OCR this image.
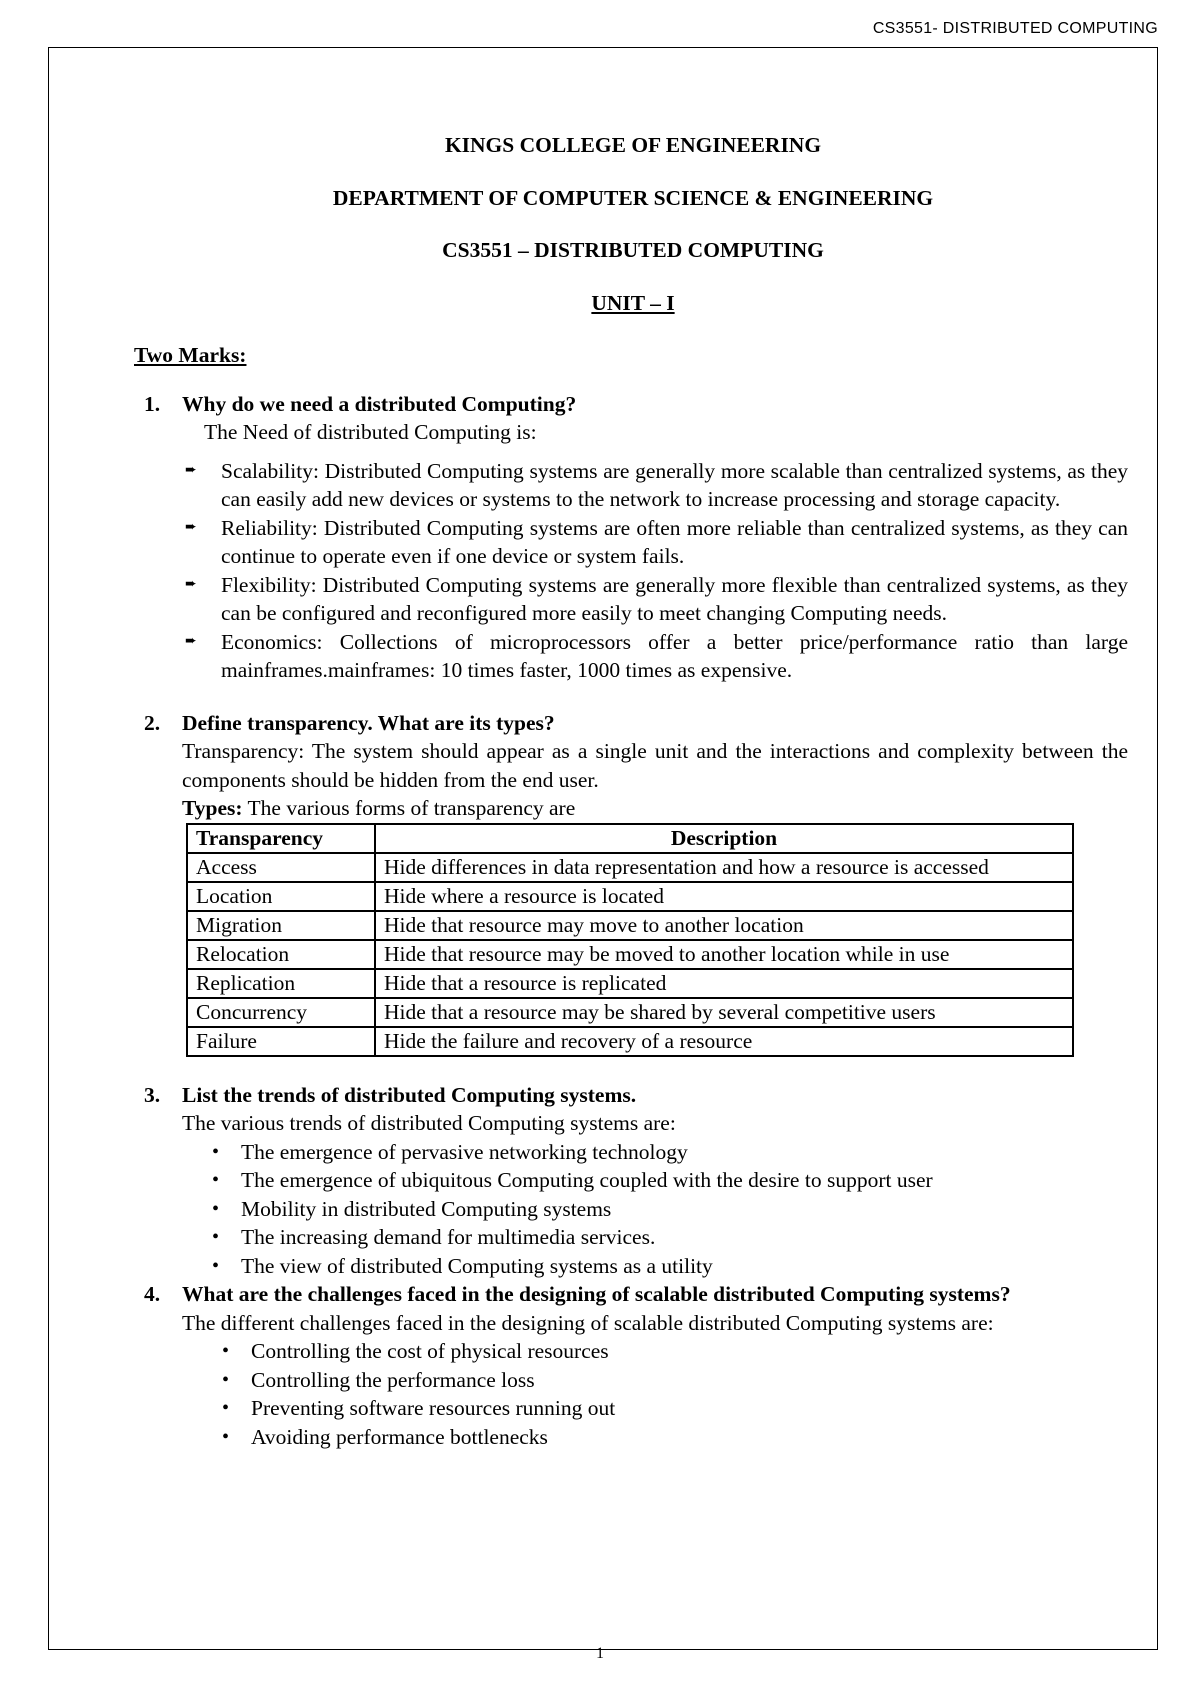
CS3551- DISTRIBUTED COMPUTING
KINGS COLLEGE OF ENGINEERING
DEPARTMENT OF COMPUTER SCIENCE & ENGINEERING
CS3551 – DISTRIBUTED COMPUTING
UNIT – I
Two Marks:
1. Why do we need a distributed Computing?
The Need of distributed Computing is:
➨ Scalability: Distributed Computing systems are generally more scalable than centralized systems, as they can easily add new devices or systems to the network to increase processing and storage capacity.
➨ Reliability: Distributed Computing systems are often more reliable than centralized systems, as they can continue to operate even if one device or system fails.
➨ Flexibility: Distributed Computing systems are generally more flexible than centralized systems, as they can be configured and reconfigured more easily to meet changing Computing needs.
➨ Economics: Collections of microprocessors offer a better price/performance ratio than large mainframes.mainframes: 10 times faster, 1000 times as expensive.
2. Define transparency. What are its types?
Transparency: The system should appear as a single unit and the interactions and complexity between the components should be hidden from the end user.
Types: The various forms of transparency are
Transparency	Description
Access	Hide differences in data representation and how a resource is accessed
Location	Hide where a resource is located
Migration	Hide that resource may move to another location
Relocation	Hide that resource may be moved to another location while in use
Replication	Hide that a resource is replicated
Concurrency	Hide that a resource may be shared by several competitive users
Failure	Hide the failure and recovery of a resource
3. List the trends of distributed Computing systems.
The various trends of distributed Computing systems are:
• The emergence of pervasive networking technology
• The emergence of ubiquitous Computing coupled with the desire to support user
• Mobility in distributed Computing systems
• The increasing demand for multimedia services.
• The view of distributed Computing systems as a utility
4. What are the challenges faced in the designing of scalable distributed Computing systems?
The different challenges faced in the designing of scalable distributed Computing systems are:
• Controlling the cost of physical resources
• Controlling the performance loss
• Preventing software resources running out
• Avoiding performance bottlenecks
1
